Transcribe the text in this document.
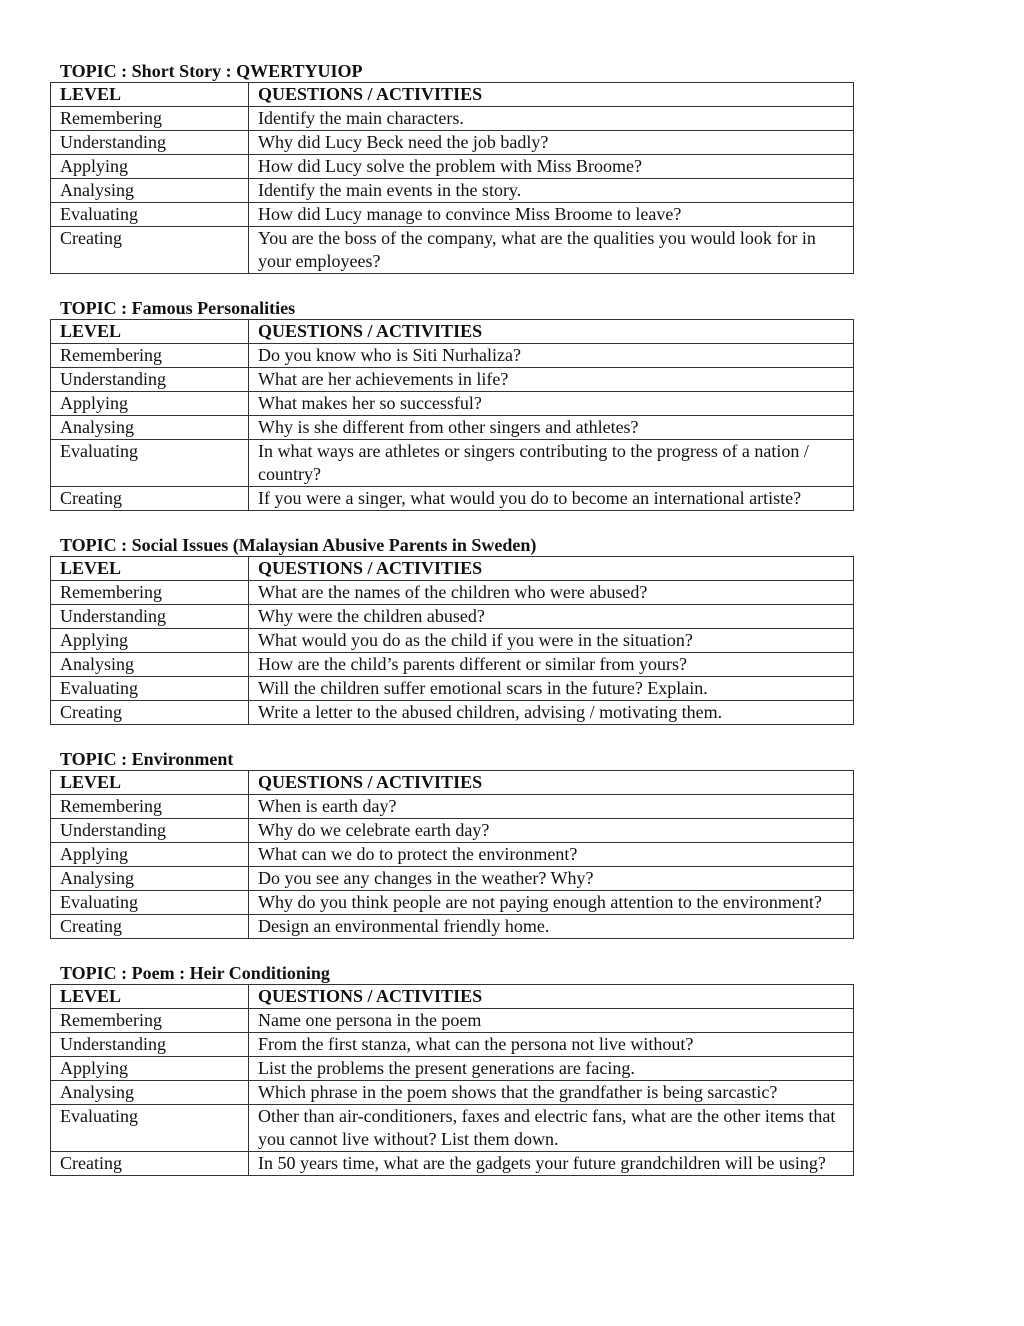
TOPIC : Short Story : QWERTYUIOP
LEVEL	QUESTIONS / ACTIVITIES
Remembering	Identify the main characters.
Understanding	Why did Lucy Beck need the job badly?
Applying	How did Lucy solve the problem with Miss Broome?
Analysing	Identify the main events in the story.
Evaluating	How did Lucy manage to convince Miss Broome to leave?
Creating	You are the boss of the company, what are the qualities you would look for in your employees?
TOPIC : Famous Personalities
LEVEL	QUESTIONS / ACTIVITIES
Remembering	Do you know who is Siti Nurhaliza?
Understanding	What are her achievements in life?
Applying	What makes her so successful?
Analysing	Why is she different from other singers and athletes?
Evaluating	In what ways are athletes or singers contributing to the progress of a nation / country?
Creating	If you were a singer, what would you do to become an international artiste?
TOPIC : Social Issues (Malaysian Abusive Parents in Sweden)
LEVEL	QUESTIONS / ACTIVITIES
Remembering	What are the names of the children who were abused?
Understanding	Why were the children abused?
Applying	What would you do as the child if you were in the situation?
Analysing	How are the child’s parents different or similar from yours?
Evaluating	Will the children suffer emotional scars in the future? Explain.
Creating	Write a letter to the abused children, advising / motivating them.
TOPIC : Environment
LEVEL	QUESTIONS / ACTIVITIES
Remembering	When is earth day?
Understanding	Why do we celebrate earth day?
Applying	What can we do to protect the environment?
Analysing	Do you see any changes in the weather? Why?
Evaluating	Why do you think people are not paying enough attention to the environment?
Creating	Design an environmental friendly home.
TOPIC : Poem : Heir Conditioning
LEVEL	QUESTIONS / ACTIVITIES
Remembering	Name one persona in the poem
Understanding	From the first stanza, what can the persona not live without?
Applying	List the problems the present generations are facing.
Analysing	Which phrase in the poem shows that the grandfather is being sarcastic?
Evaluating	Other than air-conditioners, faxes and electric fans, what are the other items that you cannot live without? List them down.
Creating	In 50 years time, what are the gadgets your future grandchildren will be using?
